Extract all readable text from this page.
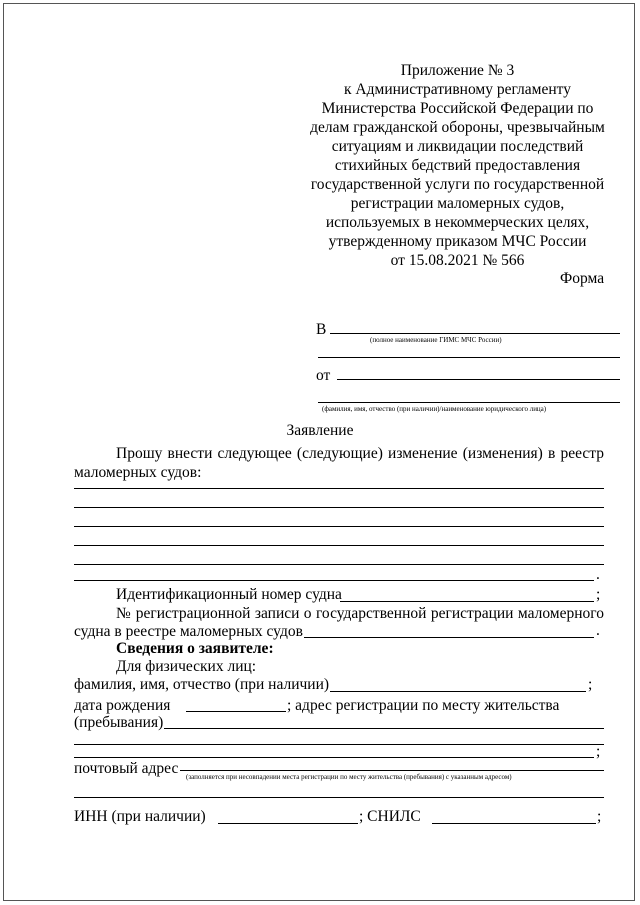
Приложение № 3
к Административному регламенту
Министерства Российской Федерации по
делам гражданской обороны, чрезвычайным
ситуациям и ликвидации последствий
стихийных бедствий предоставления
государственной услуги по государственной
регистрации маломерных судов,
используемых в некоммерческих целях,
утвержденному приказом МЧС России
от 15.08.2021 № 566
Форма
В
(полное наименование ГИМС МЧС России)
от
(фамилия, имя, отчество (при наличии)/наименование юридического лица)
Заявление
Прошу внести следующее (следующие) изменение (изменения) в реестр маломерных судов:
.
Идентификационный номер судна	;
№ регистрационной записи о государственной регистрации маломерного
судна в реестре маломерных судов	.
Сведения о заявителе:
Для физических лиц:
фамилия, имя, отчество (при наличии)	;
дата рождения	; адрес регистрации по месту жительства
(пребывания)
;
почтовый адрес (заполняется при несовпадении места регистрации по месту жительства (пребывания) с указанным адресом)
ИНН (при наличии)	; СНИЛС	;
